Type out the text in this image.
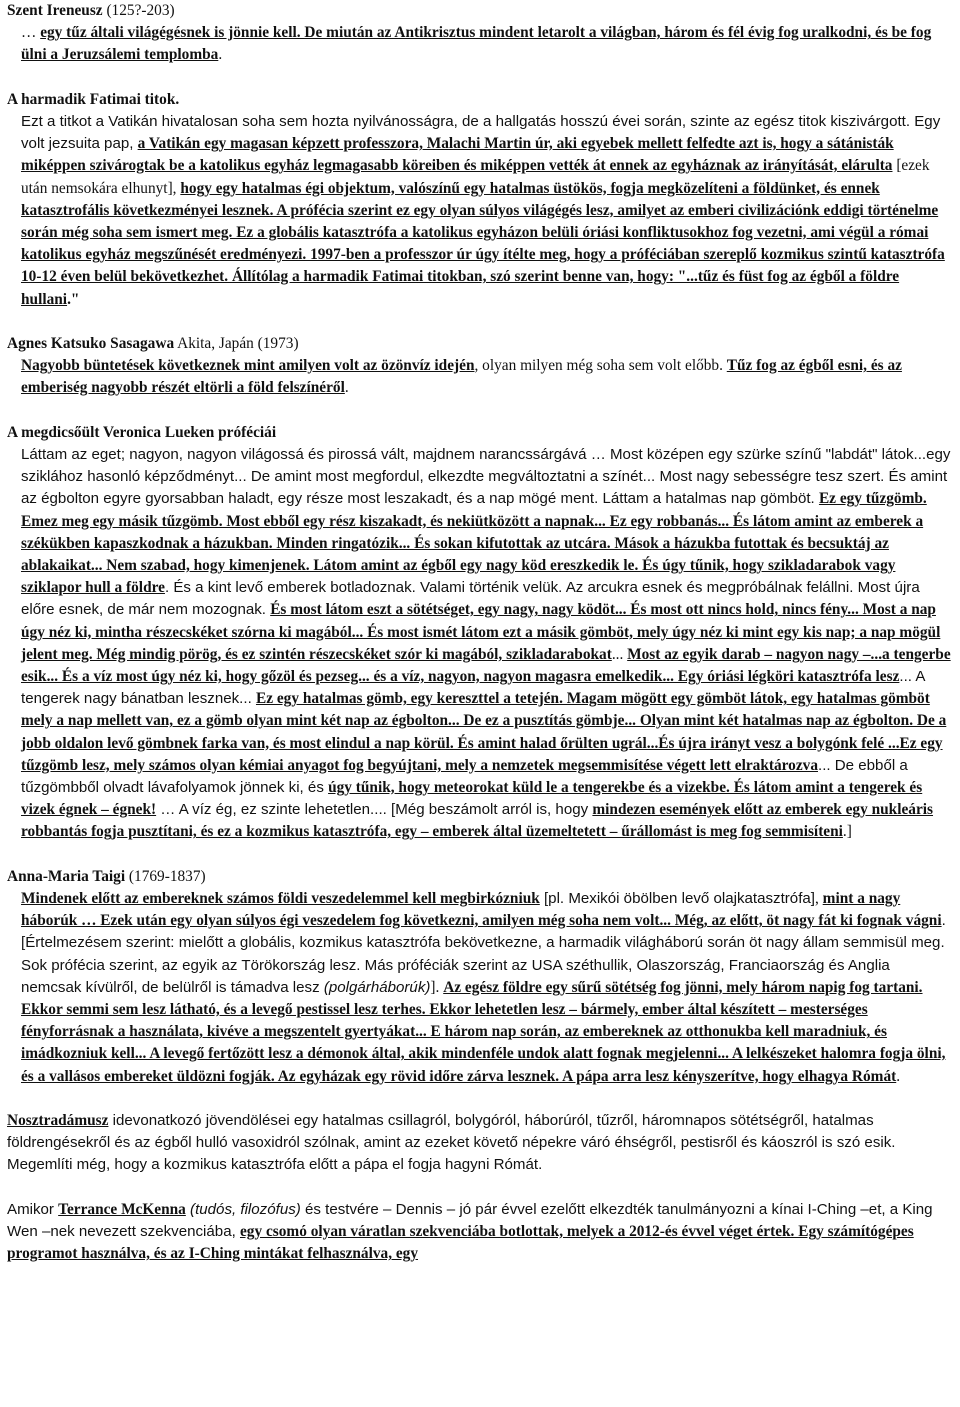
Szent Ireneusz (125?-203)

… egy tűz általi világégésnek is jönnie kell. De miután az Antikrisztus mindent letarolt a világban, három és fél évig fog uralkodni, és be fog ülni a Jeruzsálemi templomba.

A harmadik Fatimai titok.

Ezt a titkot a Vatikán hivatalosan soha sem hozta nyilvánosságra, de a hallgatás hosszú évei során, szinte az egész titok kiszivárgott. Egy volt jezsuita pap, a Vatikán egy magasan képzett professzora, Malachi Martin úr, aki egyebek mellett felfedte azt is, hogy a sátánisták miképpen szivárogtak be a katolikus egyház legmagasabb köreiben és miképpen vették át ennek az egyháznak az irányítását, elárulta [ezek után nemsokára elhunyt], hogy egy hatalmas égi objektum, valószínű egy hatalmas üstökös, fogja megközelíteni a földünket, és ennek katasztrofális következményei lesznek. A prófécia szerint ez egy olyan súlyos világégés lesz, amilyet az emberi civilizációnk eddigi történelme során még soha sem ismert meg. Ez a globális katasztrófa a katolikus egyházon belüli óriási konfliktusokhoz fog vezetni, ami végül a római katolikus egyház megszűnését eredményezi. 1997-ben a professzor úr úgy ítélte meg, hogy a próféciában szereplő kozmikus szintű katasztrófa 10-12 éven belül bekövetkezhet. Állítólag a harmadik Fatimai titokban, szó szerint benne van, hogy: "...tűz és füst fog az égből a földre hullani."

Agnes Katsuko Sasagawa Akita, Japán (1973)

Nagyobb büntetések következnek mint amilyen volt az özönvíz idején, olyan milyen még soha sem volt előbb. Tűz fog az égből esni, és az emberiség nagyobb részét eltörli a föld felszínéről.

A megdicsőült Veronica Lueken próféciái

Láttam az eget; nagyon, nagyon világossá és pirossá vált, majdnem narancssárgává … Most középen egy szürke színű "labdát" látok...egy sziklához hasonló képződményt... De amint most megfordul, elkezdte megváltoztatni a színét... Most nagy sebességre tesz szert. És amint az égbolton egyre gyorsabban haladt, egy része most leszakadt, és a nap mögé ment. Láttam a hatalmas nap gömböt. Ez egy tűzgömb. Emez meg egy másik tűzgömb. Most ebből egy rész kiszakadt, és nekiütközött a napnak... Ez egy robbanás... És látom amint az emberek a székükben kapaszkodnak a házukban. Minden ringatózik... És sokan kifutottak az utcára. Mások a házukba futottak és becsuktáj az ablakaikat... Nem szabad, hogy kimenjenek. Látom amint az égből egy nagy köd ereszkedik le. És úgy tűnik, hogy szikladarabok vagy sziklapor hull a földre. És a kint levő emberek botladoznak. Valami történik velük. Az arcukra esnek és megpróbálnak felállni. Most újra előre esnek, de már nem mozognak. És most látom eszt a sötétséget, egy nagy, nagy ködöt... És most ott nincs hold, nincs fény... Most a nap úgy néz ki, mintha részecskéket szórna ki magából... És most ismét látom ezt a másik gömböt, mely úgy néz ki mint egy kis nap; a nap mögül jelent meg. Még mindig pörög, és ez szintén részecskéket szór ki magából, szikladarabokat... Most az egyik darab – nagyon nagy –...a tengerbe esik... És a víz most úgy néz ki, hogy gőzöl és pezseg... és a víz, nagyon, nagyon magasra emelkedik... Egy óriási légköri katasztrófa lesz... A tengerek nagy bánatban lesznek... Ez egy hatalmas gömb, egy kereszttel a tetején. Magam mögött egy gömböt látok, egy hatalmas gömböt mely a nap mellett van, ez a gömb olyan mint két nap az égbolton... De ez a pusztítás gömbje... Olyan mint két hatalmas nap az égbolton. De a jobb oldalon levő gömbnek farka van, és most elindul a nap körül. És amint halad őrülten ugrál...És újra irányt vesz a bolygónk felé ...Ez egy tűzgömb lesz, mely számos olyan kémiai anyagot fog begyújtani, mely a nemzetek megsemmisítése végett lett elraktározva... De ebből a tűzgömbből olvadt lávafolyamok jönnek ki, és úgy tűnik, hogy meteorokat küld le a tengerekbe és a vizekbe. És látom amint a tengerek és vizek égnek – égnek! … A víz ég, ez szinte lehetetlen.... [Még beszámolt arról is, hogy mindezen események előtt az emberek egy nukleáris robbantás fogja pusztítani, és ez a kozmikus katasztrófa, egy – emberek által üzemeltetett – űrállomást is meg fog semmisíteni.]

Anna-Maria Taigi (1769-1837)

Mindenek előtt az embereknek számos földi veszedelemmel kell megbirkózniuk [pl. Mexikói öbölben levő olajkatasztrófa], mint a nagy háborúk … Ezek után egy olyan súlyos égi veszedelem fog következni, amilyen még soha nem volt... Még, az előtt, öt nagy fát ki fognak vágni. [Értelmezésem szerint: mielőtt a globális, kozmikus katasztrófa bekövetkezne, a harmadik világháború során öt nagy állam semmisül meg. Sok prófécia szerint, az egyik az Törökország lesz. Más próféciák szerint az USA széthullik, Olaszország, Franciaország és Anglia nemcsak kívülről, de belülről is támadva lesz (polgárháborúk)]. Az egész földre egy sűrű sötétség fog jönni, mely három napig fog tartani. Ekkor semmi sem lesz látható, és a levegő pestissel lesz terhes. Ekkor lehetetlen lesz – bármely, ember által készített – mesterséges fényforrásnak a használata, kivéve a megszentelt gyertyákat... E három nap során, az embereknek az otthonukba kell maradniuk, és imádkozniuk kell... A levegő fertőzött lesz a démonok által, akik mindenféle undok alatt fognak megjelenni... A lelkészeket halomra fogja ölni, és a vallásos embereket üldözni fogják. Az egyházak egy rövid időre zárva lesznek. A pápa arra lesz kényszerítve, hogy elhagya Rómát.

Nosztradámusz idevonatkozó jövendölései egy hatalmas csillagról, bolygóról, háborúról, tűzről, háromnapos sötétségről, hatalmas földrengésekről és az égből hulló vasoxidról szólnak, amint az ezeket követő népekre váró éhségről, pestisről és káoszról is szó esik. Megemlíti még, hogy a kozmikus katasztrófa előtt a pápa el fogja hagyni Rómát.

Amikor Terrance McKenna (tudós, filozófus) és testvére – Dennis – jó pár évvel ezelőtt elkezdték tanulmányozni a kínai I-Ching –et, a King Wen –nek nevezett szekvenciába, egy csomó olyan váratlan szekvenciába botlottak, melyek a 2012-és évvel véget értek. Egy számítógépes programot használva, és az I-Ching mintákat felhasználva, egy
